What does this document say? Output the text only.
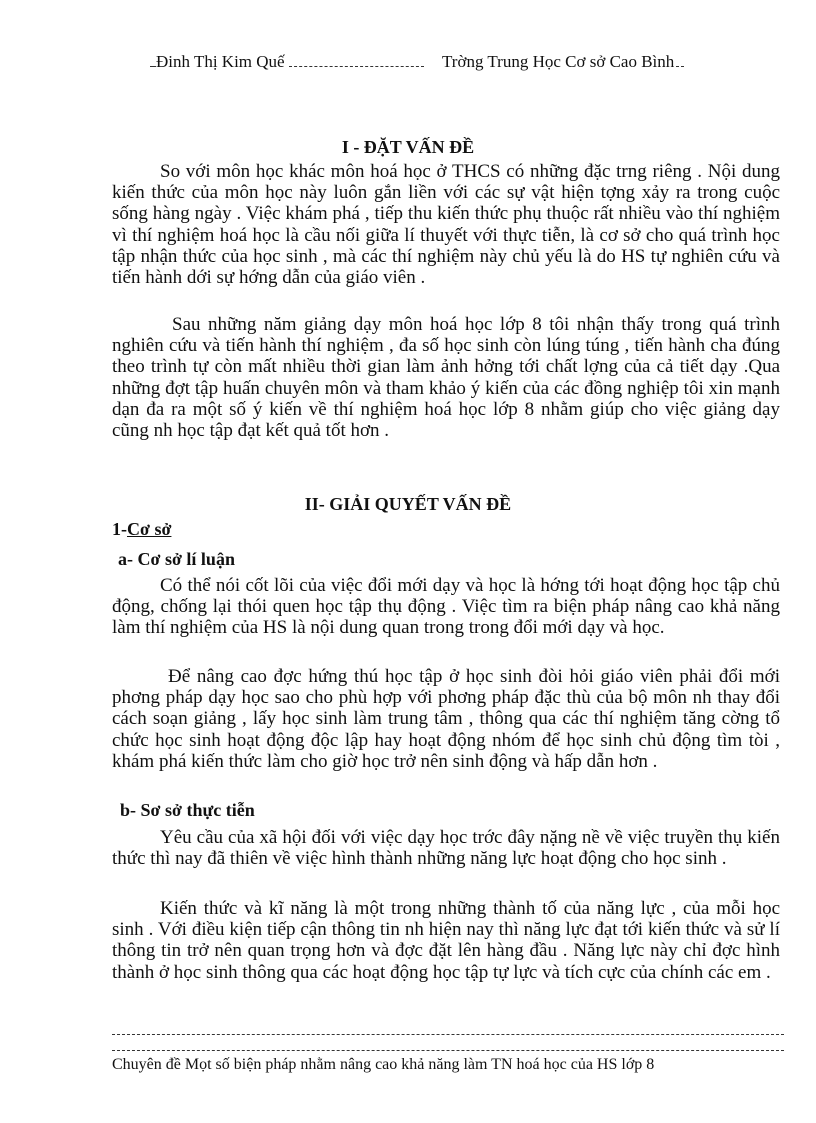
Đinh Thị Kim Quế	Trờng Trung Học Cơ sở Cao Bình
I - ĐẶT VẤN ĐỀ

So với môn học khác môn hoá học ở THCS có những đặc trng riêng . Nội dung kiến thức của môn học này luôn gắn liền với các sự vật hiện tợng xảy ra trong cuộc sống hàng ngày . Việc khám phá , tiếp thu kiến thức phụ thuộc rất nhiều vào thí nghiệm vì thí nghiệm hoá học là cầu nối giữa lí thuyết với thực tiễn, là cơ sở cho quá trình học tập nhận thức của học sinh , mà các thí nghiệm này chủ yếu là do HS tự nghiên cứu và tiến hành dới sự hớng dẫn của giáo viên .

Sau những năm giảng dạy môn hoá học lớp 8 tôi nhận thấy trong quá trình nghiên cứu và tiến hành thí nghiệm , đa số học sinh còn lúng túng , tiến hành cha đúng theo trình tự còn mất nhiều thời gian làm ảnh hởng tới chất lợng của cả tiết dạy .Qua những đợt tập huấn chuyên môn và tham khảo ý kiến của các đồng nghiệp tôi xin mạnh dạn đa ra một số ý kiến về thí nghiệm hoá học lớp 8 nhằm giúp cho việc giảng dạy cũng nh học tập đạt kết quả tốt hơn .

II- GIẢI QUYẾT VẤN ĐỀ
1-Cơ sở
a- Cơ sở lí luận

Có thể nói cốt lõi của việc đổi mới dạy và học là hớng tới hoạt động học tập chủ động, chống lại thói quen học tập thụ động . Việc tìm ra biện pháp nâng cao khả năng làm thí nghiệm của HS là nội dung quan trong trong đổi mới dạy và học.

Để nâng cao đợc hứng thú học tập ở học sinh đòi hỏi giáo viên phải đổi mới phơng pháp dạy học sao cho phù hợp với phơng pháp đặc thù của bộ môn nh thay đổi cách soạn giảng , lấy học sinh làm trung tâm , thông qua các thí nghiệm tăng cờng tổ chức học sinh hoạt động độc lập hay hoạt động nhóm để học sinh chủ động tìm tòi , khám phá kiến thức làm cho giờ học trở nên sinh động và hấp dẫn hơn .

b- Sơ sở thực tiễn

Yêu cầu của xã hội đối với việc dạy học trớc đây nặng nề về việc truyền thụ kiến thức thì nay đã thiên về việc hình thành những năng lực hoạt động cho học sinh .

Kiến thức và kĩ năng là một trong những thành tố của năng lực , của mỗi học sinh . Với điều kiện tiếp cận thông tin nh hiện nay thì năng lực đạt tới kiến thức và sử lí thông tin trở nên quan trọng hơn và đợc đặt lên hàng đầu . Năng lực này chỉ đợc hình thành ở học sinh thông qua các hoạt động học tập tự lực và tích cực của chính các em .

Chuyên đề Mọt số biện pháp nhằm nâng cao khả năng làm TN hoá học của HS lớp 8
